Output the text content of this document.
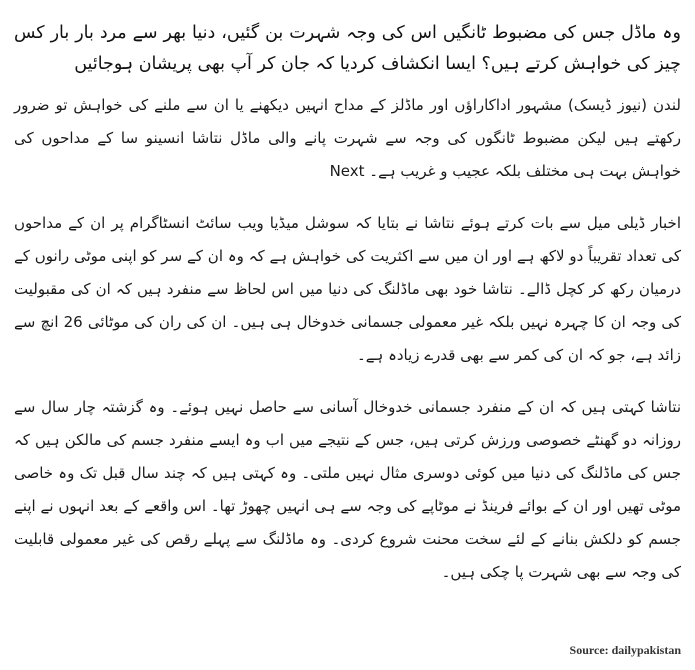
وہ ماڈل جس کی مضبوط ٹانگیں اس کی وجہ شہرت بن گئیں، دنیا بھر سے مرد بار بار کس چیز کی خواہش کرتے ہیں؟ ایسا انکشاف کردیا کہ جان کر آپ بھی پریشان ہوجائیں

لندن (نیوز ڈیسک) مشہور اداکاراﺅں اور ماڈلز کے مداح انہیں دیکھنے یا ان سے ملنے کی خواہش تو ضرور رکھتے ہیں لیکن مضبوط ٹانگوں کی وجہ سے شہرت پانے والی ماڈل نتاشا انسینو سا کے مداحوں کی خواہش بہت ہی مختلف بلکہ عجیب و غریب ہے۔ Next

اخبار ڈیلی میل سے بات کرتے ہوئے نتاشا نے بتایا کہ سوشل میڈیا ویب سائٹ انسٹاگرام پر ان کے مداحوں کی تعداد تقریباً دو لاکھ ہے اور ان میں سے اکثریت کی خواہش ہے کہ وہ ان کے سر کو اپنی موٹی رانوں کے درمیان رکھ کر کچل ڈالے۔ نتاشا خود بھی ماڈلنگ کی دنیا میں اس لحاظ سے منفرد ہیں کہ ان کی مقبولیت کی وجہ ان کا چہرہ نہیں بلکہ غیر معمولی جسمانی خدوخال ہی ہیں۔ ان کی ران کی موٹائی 26 انچ سے زائد ہے، جو کہ ان کی کمر سے بھی قدرے زیادہ ہے۔

نتاشا کہتی ہیں کہ ان کے منفرد جسمانی خدوخال آسانی سے حاصل نہیں ہوئے۔ وہ گزشتہ چار سال سے روزانہ دو گھنٹے خصوصی ورزش کرتی ہیں، جس کے نتیجے میں اب وہ ایسے منفرد جسم کی مالکن ہیں کہ جس کی ماڈلنگ کی دنیا میں کوئی دوسری مثال نہیں ملتی۔ وہ کہتی ہیں کہ چند سال قبل تک وہ خاصی موٹی تھیں اور ان کے بوائے فرینڈ نے موٹاپے کی وجہ سے ہی انہیں چھوڑ تھا۔ اس واقعے کے بعد انہوں نے اپنے جسم کو دلکش بنانے کے لئے سخت محنت شروع کردی۔ وہ ماڈلنگ سے پہلے رقص کی غیر معمولی قابلیت کی وجہ سے بھی شہرت پا چکی ہیں۔

Source: dailypakistan
